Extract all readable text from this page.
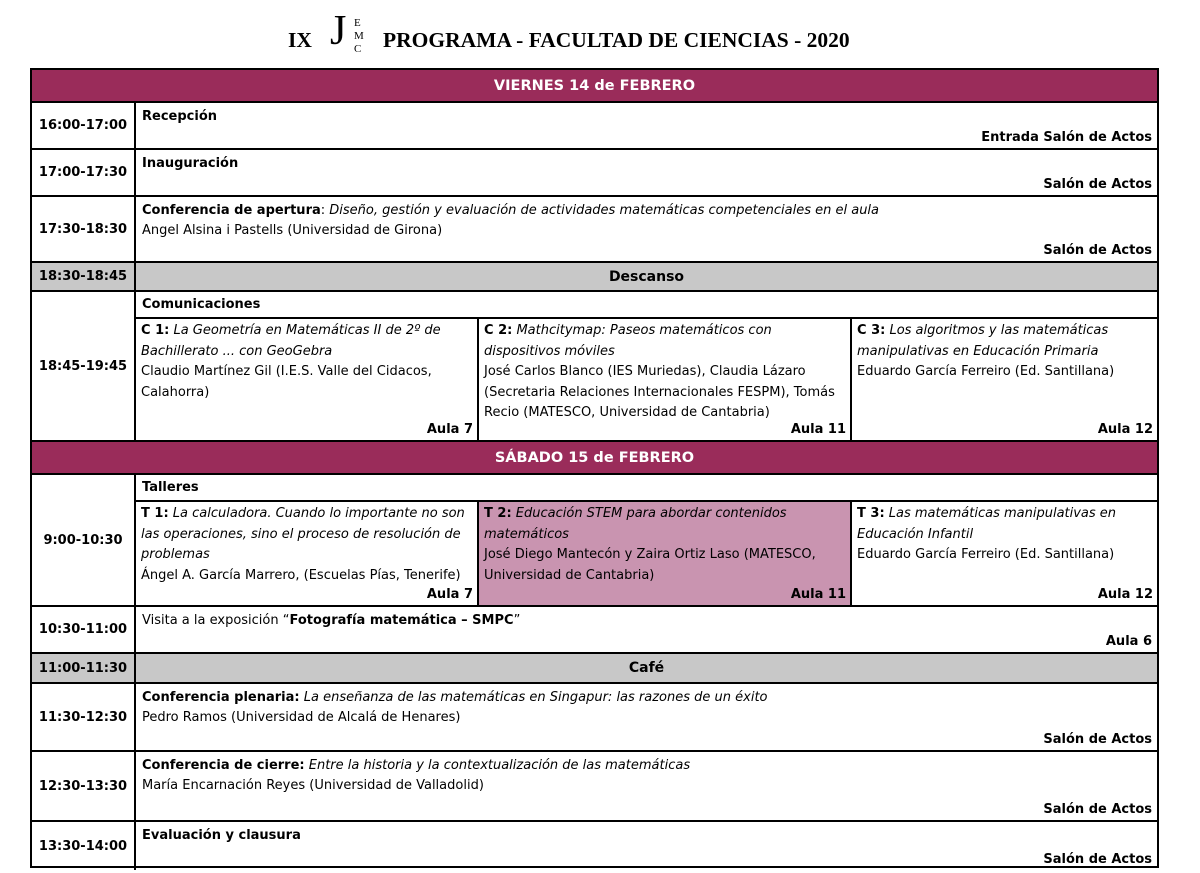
IX J E
M
C PROGRAMA - FACULTAD DE CIENCIAS - 2020
VIERNES 14 de FEBRERO
16:00-17:00
Recepción
Entrada Salón de Actos
17:00-17:30
Inauguración
Salón de Actos
17:30-18:30
Conferencia de apertura: Diseño, gestión y evaluación de actividades matemáticas competenciales en el aula
Angel Alsina i Pastells (Universidad de Girona)
Salón de Actos
18:30-18:45	Descanso
18:45-19:45
Comunicaciones
C 1: La Geometría en Matemáticas II de 2º de
Bachillerato ... con GeoGebra
Claudio Martínez Gil (I.E.S. Valle del Cidacos,
Calahorra)
Aula 7
C 2: Mathcitymap: Paseos matemáticos con
dispositivos móviles
José Carlos Blanco (IES Muriedas), Claudia Lázaro
(Secretaria Relaciones Internacionales FESPM), Tomás
Recio (MATESCO, Universidad de Cantabria)
Aula 11
C 3: Los algoritmos y las matemáticas
manipulativas en Educación Primaria
Eduardo García Ferreiro (Ed. Santillana)
Aula 12
SÁBADO 15 de FEBRERO
9:00-10:30
Talleres
T 1: La calculadora. Cuando lo importante no son
las operaciones, sino el proceso de resolución de
problemas
Ángel A. García Marrero, (Escuelas Pías, Tenerife)
Aula 7
T 2: Educación STEM para abordar contenidos
matemáticos
José Diego Mantecón y Zaira Ortiz Laso (MATESCO,
Universidad de Cantabria)
Aula 11
T 3: Las matemáticas manipulativas en
Educación Infantil
Eduardo García Ferreiro (Ed. Santillana)
Aula 12
10:30-11:00
Visita a la exposición “Fotografía matemática – SMPC”
Aula 6
11:00-11:30	Café
11:30-12:30
Conferencia plenaria: La enseñanza de las matemáticas en Singapur: las razones de un éxito
Pedro Ramos (Universidad de Alcalá de Henares)
Salón de Actos
12:30-13:30
Conferencia de cierre: Entre la historia y la contextualización de las matemáticas
María Encarnación Reyes (Universidad de Valladolid)
Salón de Actos
13:30-14:00
Evaluación y clausura
Salón de Actos
